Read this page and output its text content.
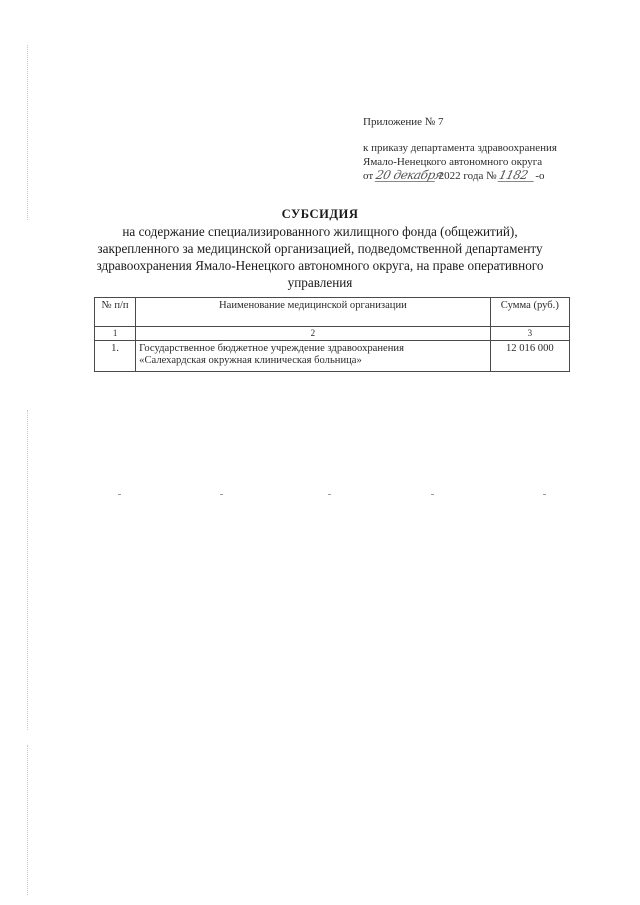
Приложение № 7
к приказу департамента здравоохранения
Ямало-Ненецкого автономного округа
от 20 декабря 2022 года № 1182 -о
СУБСИДИЯ
на содержание специализированного жилищного фонда (общежитий),
закрепленного за медицинской организацией, подведомственной департаменту
здравоохранения Ямало-Ненецкого автономного округа, на праве оперативного
управления
№ п/п	Наименование медицинской организации	Сумма (руб.)
1	2	3
1.	Государственное бюджетное учреждение здравоохранения
«Салехардская окружная клиническая больница»	12 016 000
